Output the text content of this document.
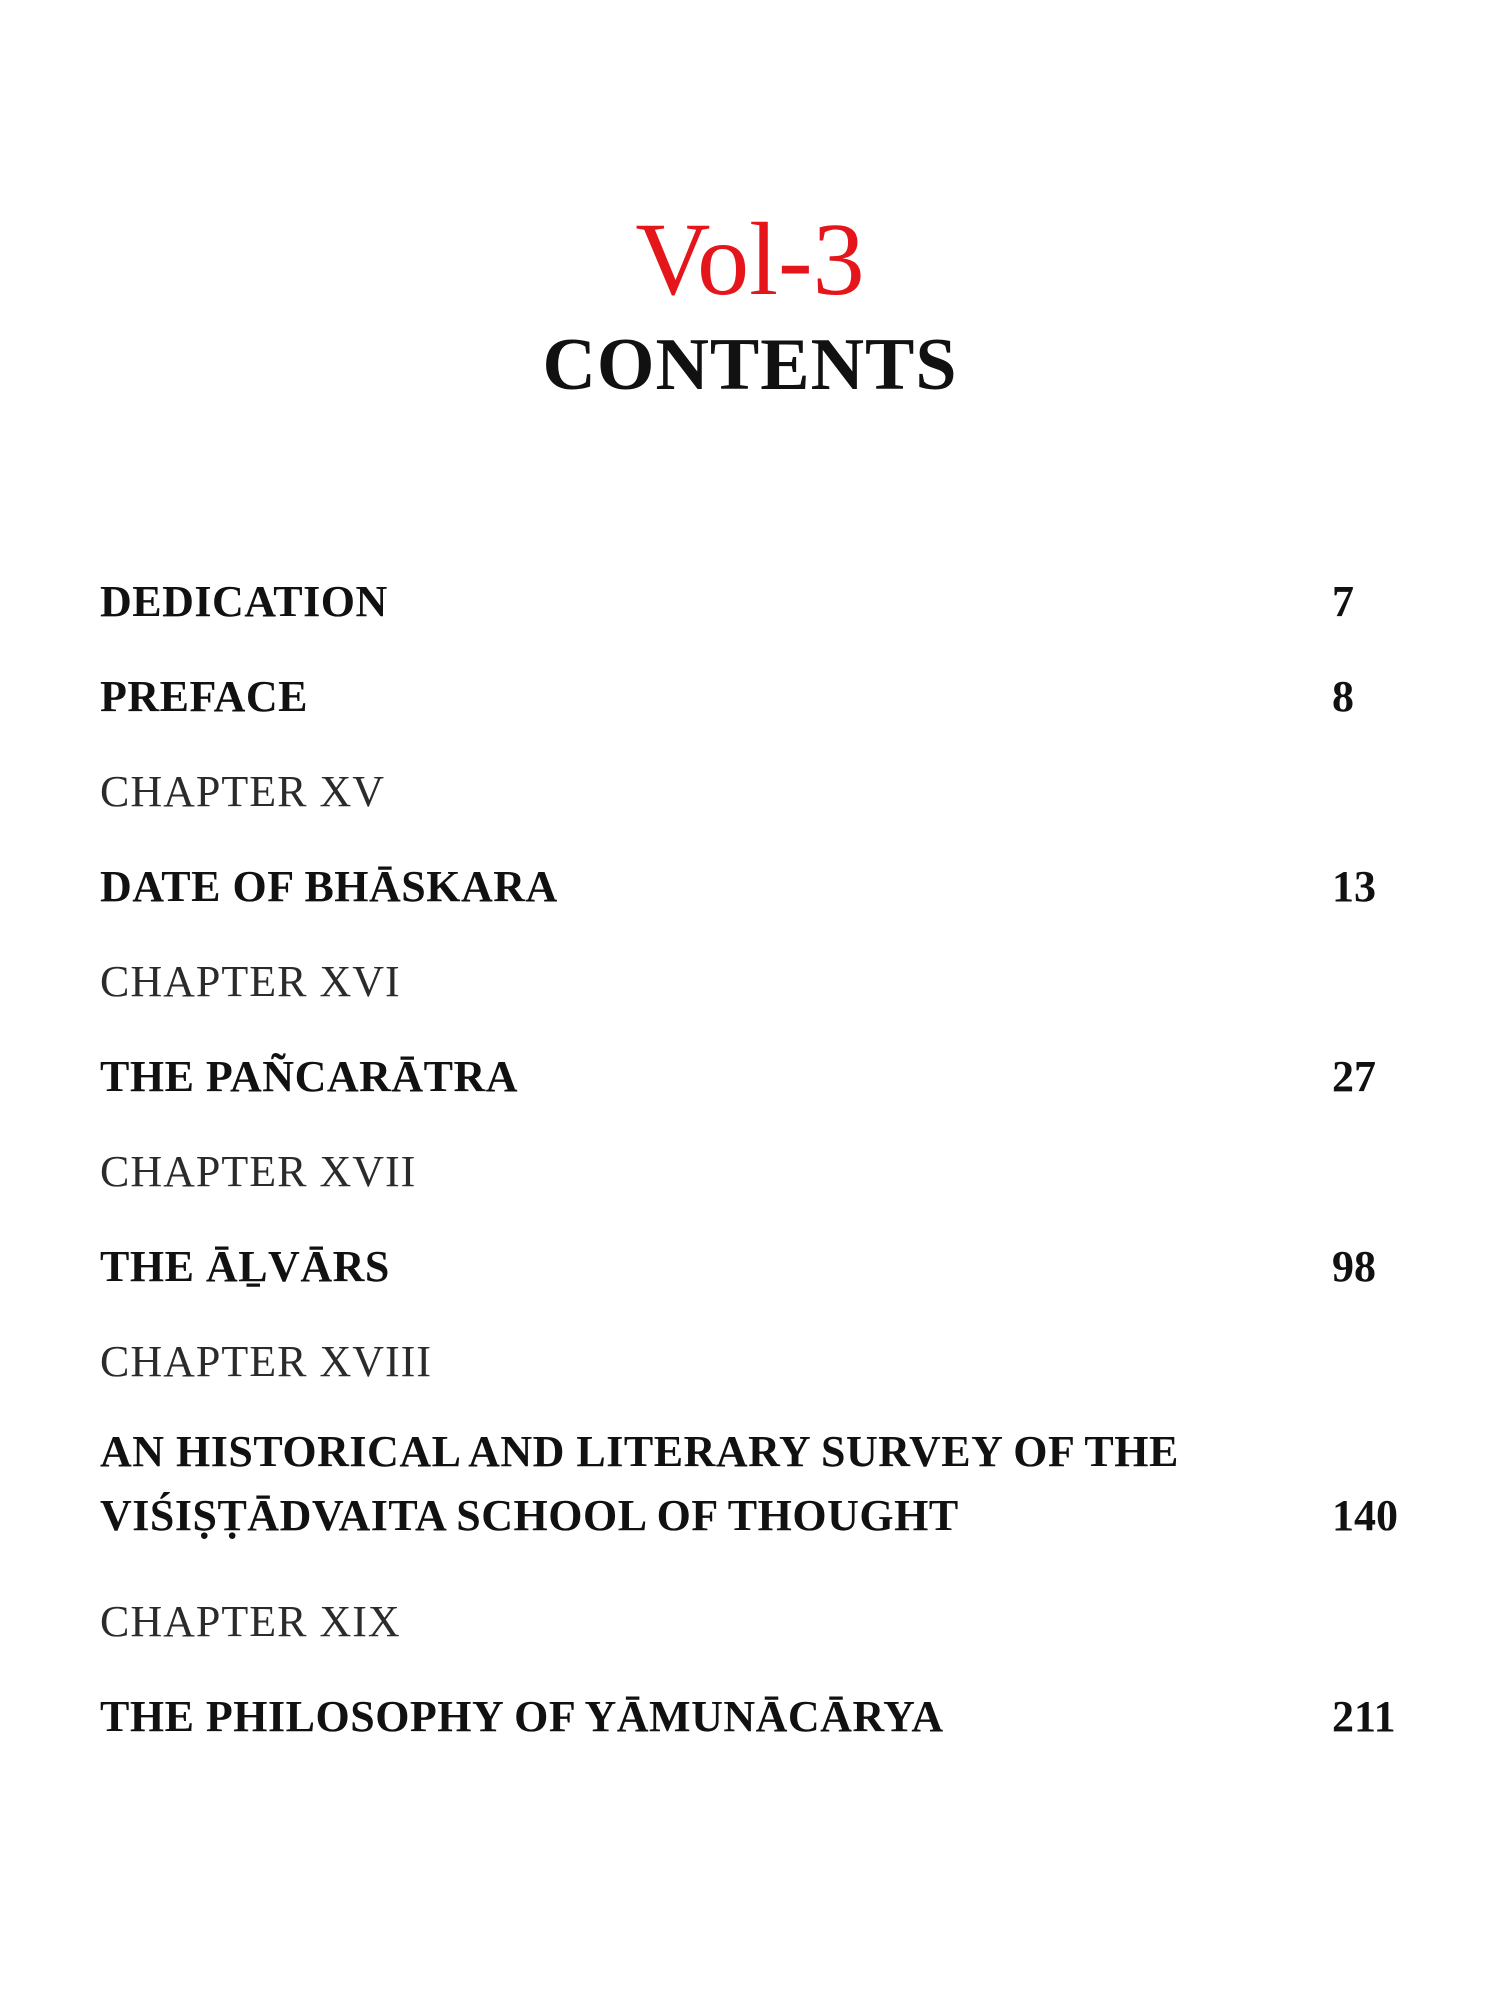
Vol-3
CONTENTS
DEDICATION	7
PREFACE	8
CHAPTER XV
DATE OF BHĀSKARA	13
CHAPTER XVI
THE PAÑCARĀTRA	27
CHAPTER XVII
THE ĀḺVĀRS	98
CHAPTER XVIII
AN HISTORICAL AND LITERARY SURVEY OF THE
VIŚIṢṬĀDVAITA SCHOOL OF THOUGHT	140
CHAPTER XIX
THE PHILOSOPHY OF YĀMUNĀCĀRYA	211
